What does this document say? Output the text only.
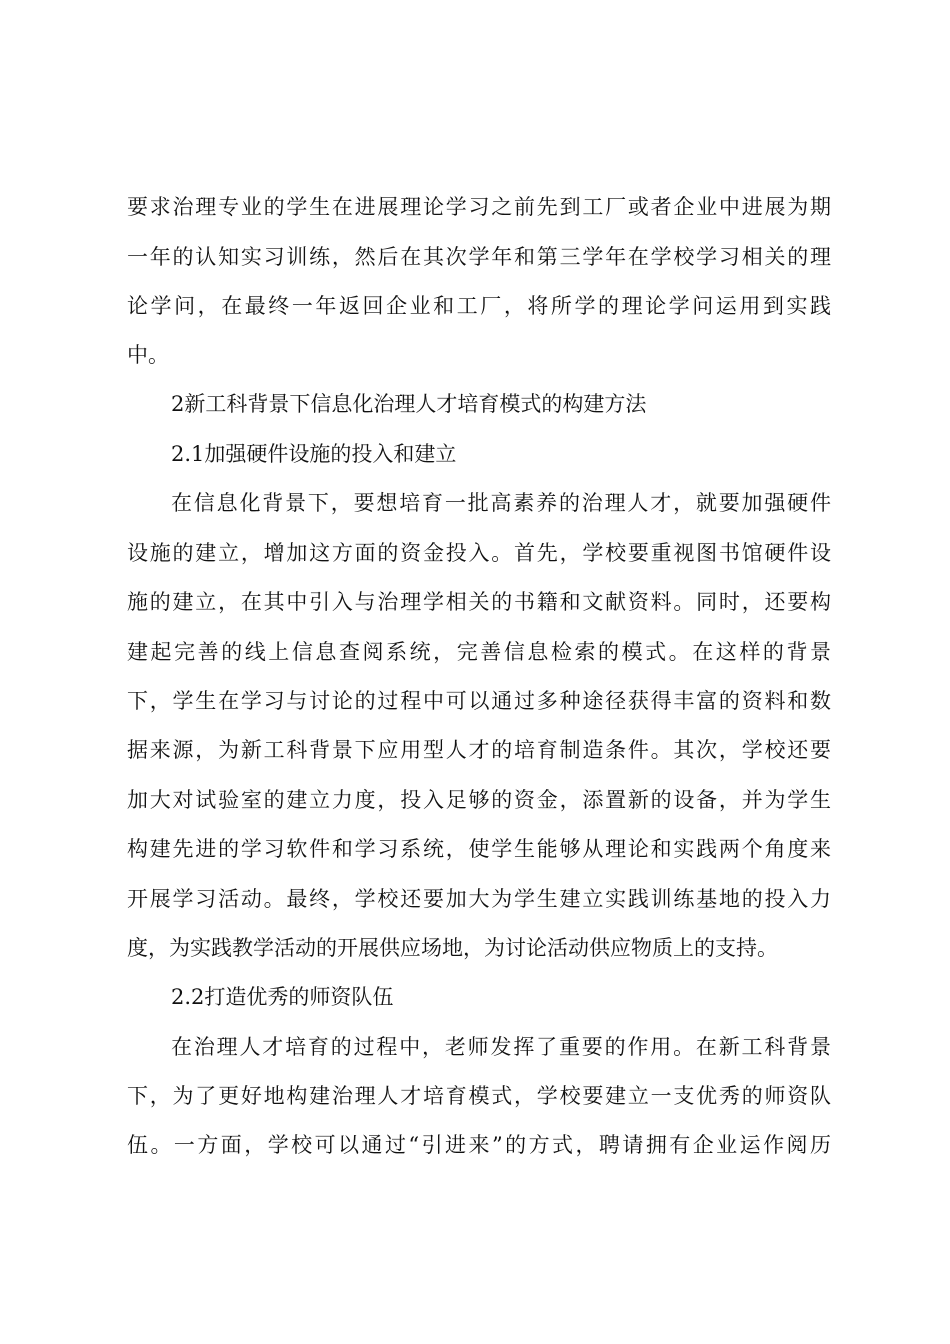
要求治理专业的学生在进展理论学习之前先到工厂或者企业中进展为期
一年的认知实习训练，然后在其次学年和第三学年在学校学习相关的理
论学问，在最终一年返回企业和工厂，将所学的理论学问运用到实践
中。
2新工科背景下信息化治理人才培育模式的构建方法
2.1加强硬件设施的投入和建立
在信息化背景下，要想培育一批高素养的治理人才，就要加强硬件
设施的建立，增加这方面的资金投入。首先，学校要重视图书馆硬件设
施的建立，在其中引入与治理学相关的书籍和文献资料。同时，还要构
建起完善的线上信息查阅系统，完善信息检索的模式。在这样的背景
下，学生在学习与讨论的过程中可以通过多种途径获得丰富的资料和数
据来源，为新工科背景下应用型人才的培育制造条件。其次，学校还要
加大对试验室的建立力度，投入足够的资金，添置新的设备，并为学生
构建先进的学习软件和学习系统，使学生能够从理论和实践两个角度来
开展学习活动。最终，学校还要加大为学生建立实践训练基地的投入力
度，为实践教学活动的开展供应场地，为讨论活动供应物质上的支持。
2.2打造优秀的师资队伍
在治理人才培育的过程中，老师发挥了重要的作用。在新工科背景
下，为了更好地构建治理人才培育模式，学校要建立一支优秀的师资队
伍。一方面，学校可以通过“引进来”的方式，聘请拥有企业运作阅历
